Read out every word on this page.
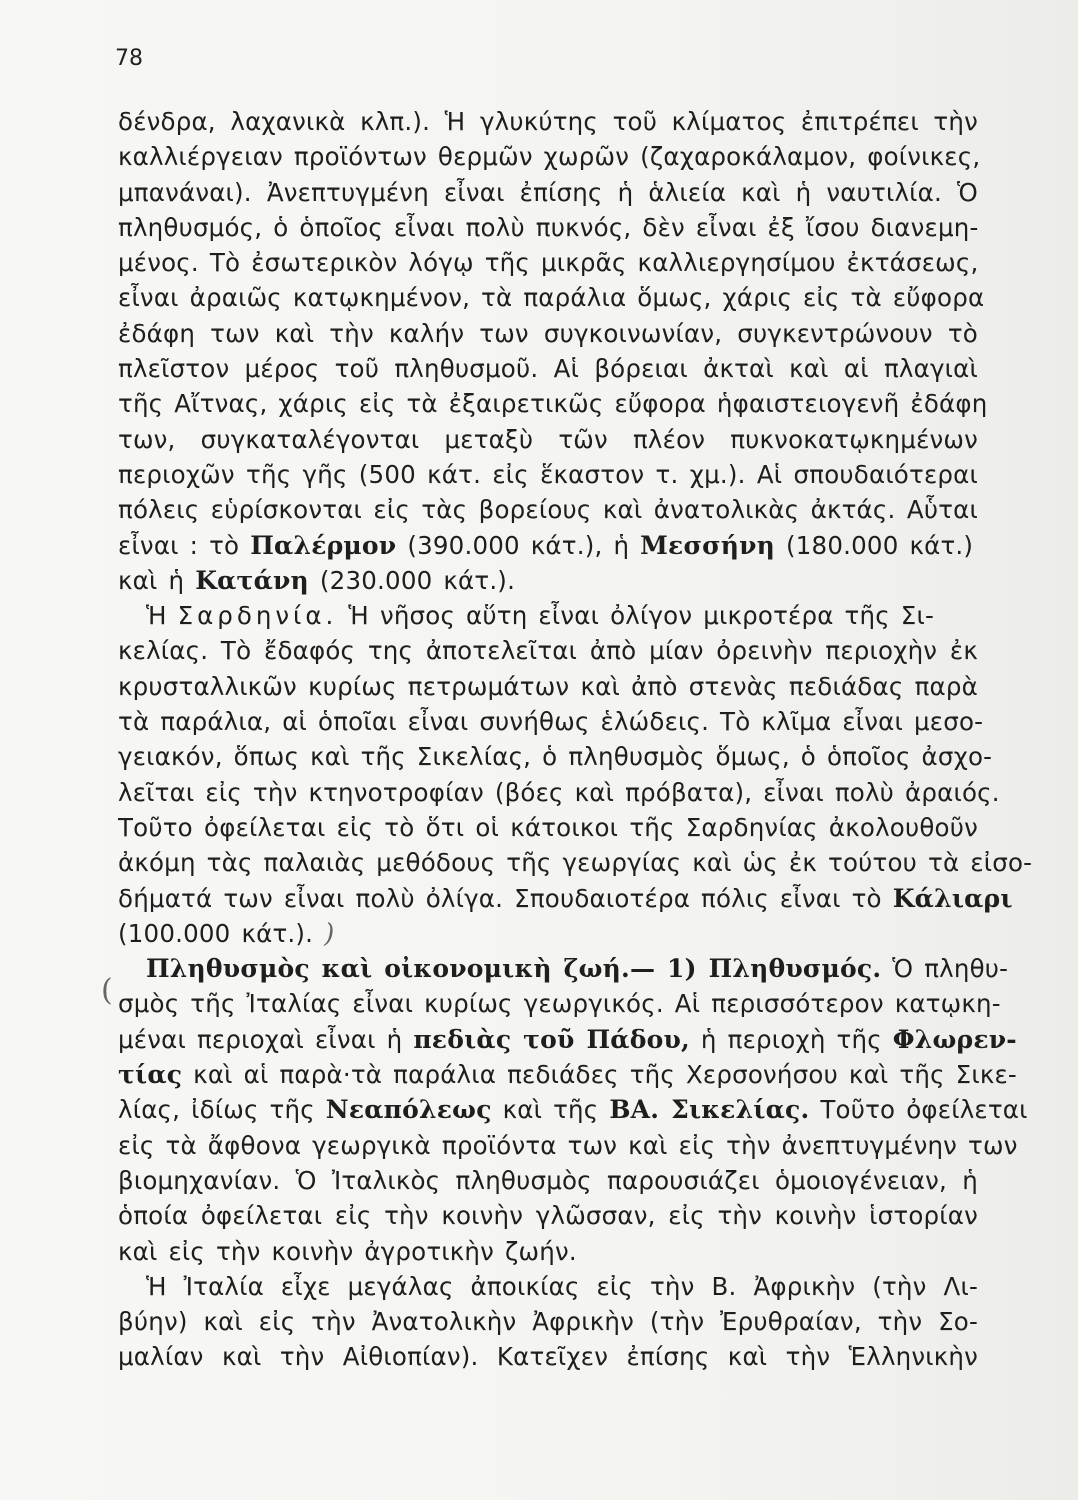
78
δένδρα, λαχανικὰ κλπ.). Ἡ γλυκύτης τοῦ κλίματος ἐπιτρέπει τὴν
καλλιέργειαν προϊόντων θερμῶν χωρῶν (ζαχαροκάλαμον, φοίνικες,
μπανάναι). Ἀνεπτυγμένη εἶναι ἐπίσης ἡ ἁλιεία καὶ ἡ ναυτιλία. Ὁ
πληθυσμός, ὁ ὁποῖος εἶναι πολὺ πυκνός, δὲν εἶναι ἐξ ἴσου διανεμη-
μένος. Τὸ ἐσωτερικὸν λόγῳ τῆς μικρᾶς καλλιεργησίμου ἐκτάσεως,
εἶναι ἀραιῶς κατῳκημένον, τὰ παράλια ὅμως, χάρις εἰς τὰ εὔφορα
ἐδάφη των καὶ τὴν καλήν των συγκοινωνίαν, συγκεντρώνουν τὸ
πλεῖστον μέρος τοῦ πληθυσμοῦ. Αἱ βόρειαι ἀκταὶ καὶ αἱ πλαγιαὶ
τῆς Αἴτνας, χάρις εἰς τὰ ἐξαιρετικῶς εὔφορα ἡφαιστειογενῆ ἐδάφη
των, συγκαταλέγονται μεταξὺ τῶν πλέον πυκνοκατῳκημένων
περιοχῶν τῆς γῆς (500 κάτ. εἰς ἕκαστον τ. χμ.). Αἱ σπουδαιότεραι
πόλεις εὑρίσκονται εἰς τὰς βορείους καὶ ἀνατολικὰς ἀκτάς. Αὗται
εἶναι : τὸ Παλέρμον (390.000 κάτ.), ἡ Μεσσήνη (180.000 κάτ.)
καὶ ἡ Κατάνη (230.000 κάτ.).
Ἡ Σαρδηνία. Ἡ νῆσος αὕτη εἶναι ὀλίγον μικροτέρα τῆς Σι-
κελίας. Τὸ ἔδαφός της ἀποτελεῖται ἀπὸ μίαν ὀρεινὴν περιοχὴν ἐκ
κρυσταλλικῶν κυρίως πετρωμάτων καὶ ἀπὸ στενὰς πεδιάδας παρὰ
τὰ παράλια, αἱ ὁποῖαι εἶναι συνήθως ἑλώδεις. Τὸ κλῖμα εἶναι μεσο-
γειακόν, ὅπως καὶ τῆς Σικελίας, ὁ πληθυσμὸς ὅμως, ὁ ὁποῖος ἀσχο-
λεῖται εἰς τὴν κτηνοτροφίαν (βόες καὶ πρόβατα), εἶναι πολὺ ἀραιός.
Τοῦτο ὀφείλεται εἰς τὸ ὅτι οἱ κάτοικοι τῆς Σαρδηνίας ἀκολουθοῦν
ἀκόμη τὰς παλαιὰς μεθόδους τῆς γεωργίας καὶ ὡς ἐκ τούτου τὰ εἰσο-
δήματά των εἶναι πολὺ ὀλίγα. Σπουδαιοτέρα πόλις εἶναι τὸ Κάλιαρι
(100.000 κάτ.). )
Πληθυσμὸς καὶ οἰκονομικὴ ζωή.— 1) Πληθυσμός. Ὁ πληθυ-
σμὸς τῆς Ἰταλίας εἶναι κυρίως γεωργικός. Αἱ περισσότερον κατῳκη-
μέναι περιοχαὶ εἶναι ἡ πεδιὰς τοῦ Πάδου, ἡ περιοχὴ τῆς Φλωρεν-
τίας καὶ αἱ παρὰ·τὰ παράλια πεδιάδες τῆς Χερσονήσου καὶ τῆς Σικε-
λίας, ἰδίως τῆς Νεαπόλεως καὶ τῆς ΒΑ. Σικελίας. Τοῦτο ὀφείλεται
εἰς τὰ ἄφθονα γεωργικὰ προϊόντα των καὶ εἰς τὴν ἀνεπτυγμένην των
βιομηχανίαν. Ὁ Ἰταλικὸς πληθυσμὸς παρουσιάζει ὁμοιογένειαν, ἡ
ὁποία ὀφείλεται εἰς τὴν κοινὴν γλῶσσαν, εἰς τὴν κοινὴν ἱστορίαν
καὶ εἰς τὴν κοινὴν ἀγροτικὴν ζωήν.
Ἡ Ἰταλία εἶχε μεγάλας ἀποικίας εἰς τὴν Β. Ἀφρικὴν (τὴν Λι-
βύην) καὶ εἰς τὴν Ἀνατολικὴν Ἀφρικὴν (τὴν Ἐρυθραίαν, τὴν Σο-
μαλίαν καὶ τὴν Αἰθιοπίαν). Κατεῖχεν ἐπίσης καὶ τὴν Ἑλληνικὴν
(
